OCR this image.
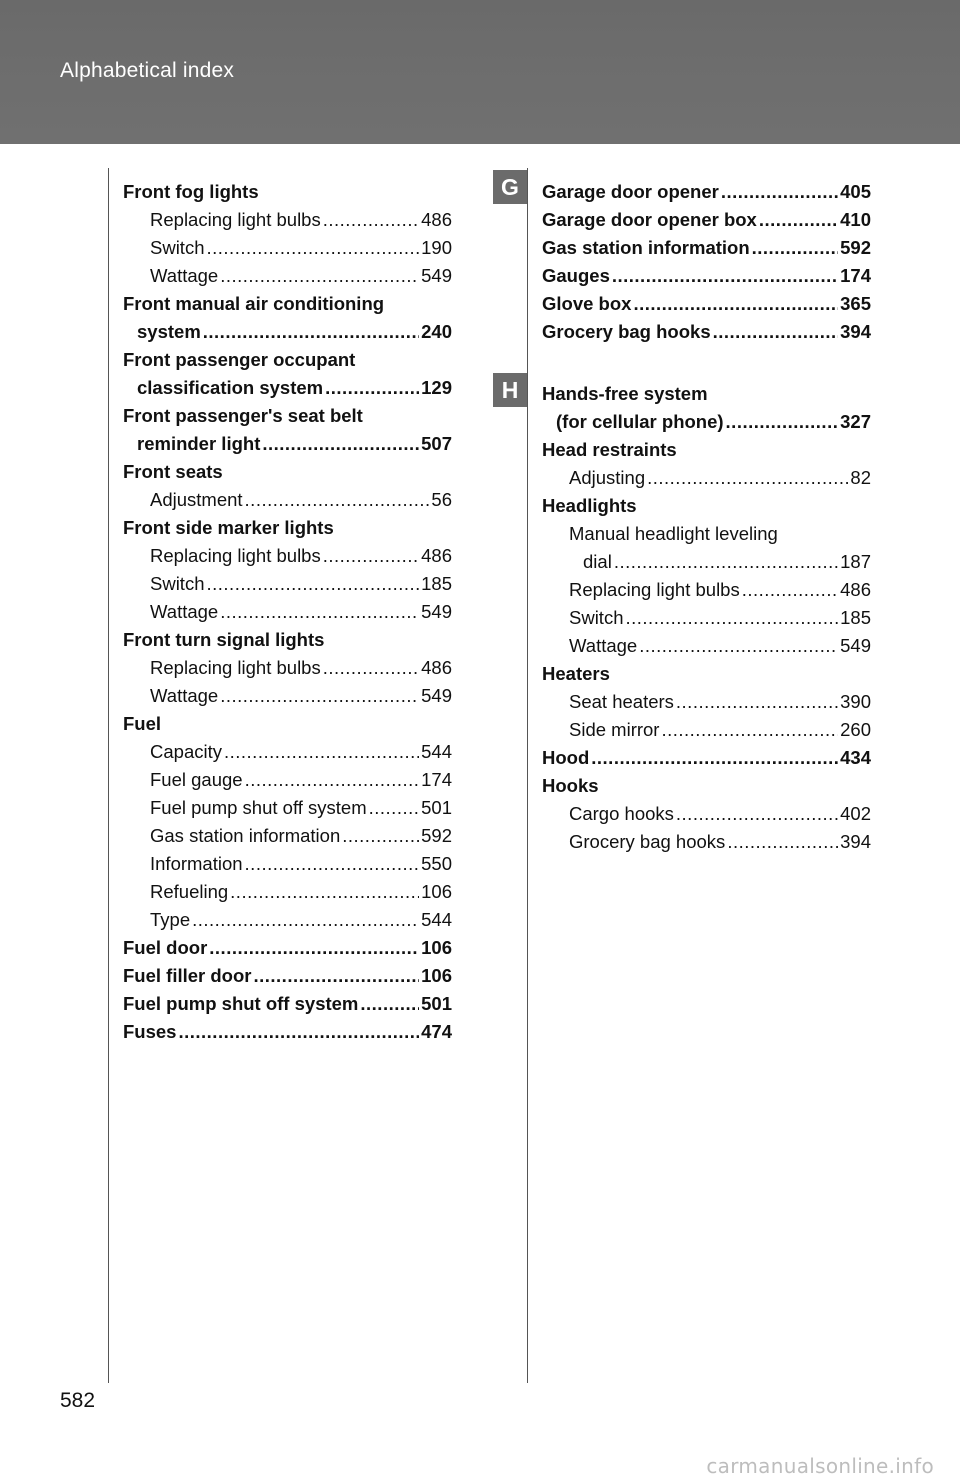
Alphabetical index
Front fog lights
Replacing light bulbs .....	486
Switch .....	190
Wattage .....	549
Front manual air conditioning
system .....	240
Front passenger occupant
classification system .....	129
Front passenger's seat belt
reminder light .....	507
Front seats
Adjustment .....	56
Front side marker lights
Replacing light bulbs .....	486
Switch .....	185
Wattage .....	549
Front turn signal lights
Replacing light bulbs .....	486
Wattage .....	549
Fuel
Capacity .....	544
Fuel gauge .....	174
Fuel pump shut off system .....	501
Gas station information .....	592
Information .....	550
Refueling .....	106
Type .....	544
Fuel door .....	106
Fuel filler door .....	106
Fuel pump shut off system .....	501
Fuses .....	474
G
H
Garage door opener .....	405
Garage door opener box .....	410
Gas station information .....	592
Gauges .....	174
Glove box .....	365
Grocery bag hooks .....	394
Hands-free system
(for cellular phone) .....	327
Head restraints
Adjusting .....	82
Headlights
Manual headlight leveling
dial .....	187
Replacing light bulbs .....	486
Switch .....	185
Wattage .....	549
Heaters
Seat heaters .....	390
Side mirror .....	260
Hood .....	434
Hooks
Cargo hooks .....	402
Grocery bag hooks .....	394
582
carmanualsonline.info
